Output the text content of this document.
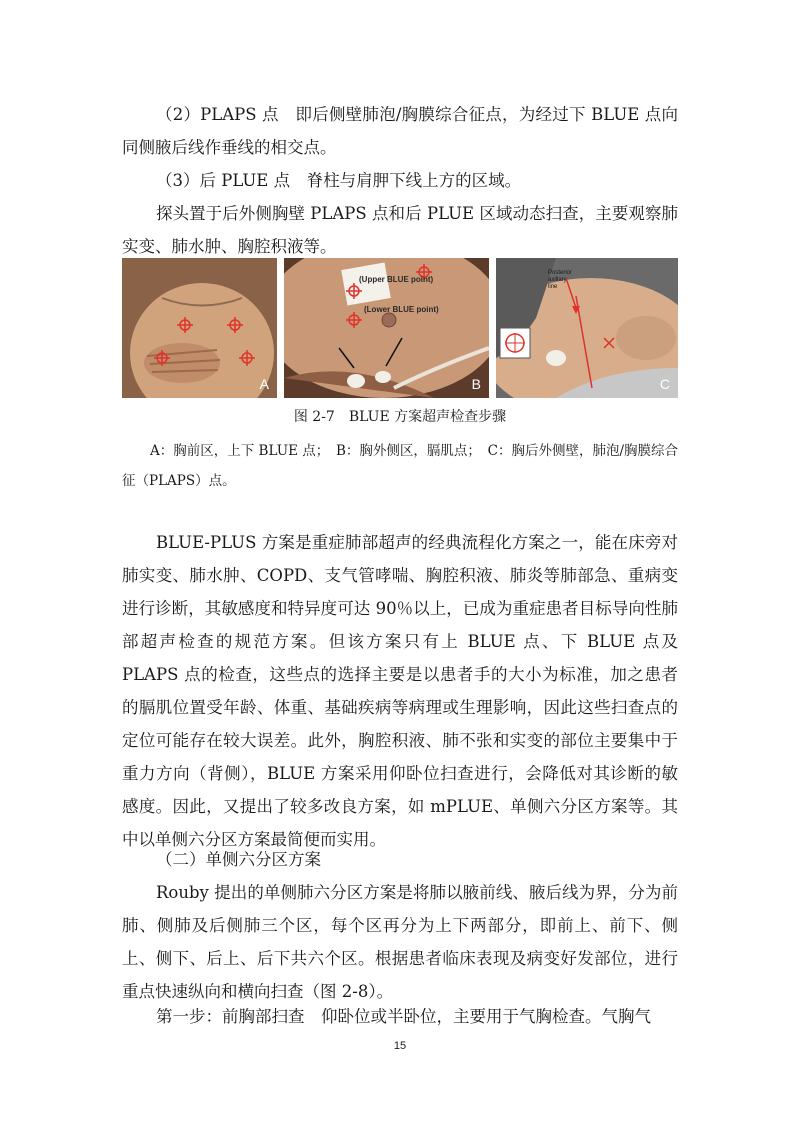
（2）PLAPS 点　即后侧壁肺泡/胸膜综合征点，为经过下 BLUE 点向同侧腋后线作垂线的相交点。

（3）后 PLUE 点　脊柱与肩胛下线上方的区域。

探头置于后外侧胸壁 PLAPS 点和后 PLUE 区域动态扫查，主要观察肺实变、肺水肿、胸腔积液等。

A
(Upper BLUE point)
(Lower BLUE point)
B
Posterior
axillary
line
C

图 2-7　BLUE 方案超声检查步骤

A：胸前区，上下 BLUE 点；　B：胸外侧区，膈肌点；　C：胸后外侧壁，肺泡/胸膜综合征（PLAPS）点。

BLUE-PLUS 方案是重症肺部超声的经典流程化方案之一，能在床旁对肺实变、肺水肿、COPD、支气管哮喘、胸腔积液、肺炎等肺部急、重病变进行诊断，其敏感度和特异度可达 90％以上，已成为重症患者目标导向性肺部超声检查的规范方案。但该方案只有上 BLUE 点、下 BLUE 点及 PLAPS 点的检查，这些点的选择主要是以患者手的大小为标准，加之患者的膈肌位置受年龄、体重、基础疾病等病理或生理影响，因此这些扫查点的定位可能存在较大误差。此外，胸腔积液、肺不张和实变的部位主要集中于重力方向（背侧），BLUE 方案采用仰卧位扫查进行，会降低对其诊断的敏感度。因此，又提出了较多改良方案，如 mPLUE、单侧六分区方案等。其中以单侧六分区方案最简便而实用。

（二）单侧六分区方案

Rouby 提出的单侧肺六分区方案是将肺以腋前线、腋后线为界，分为前肺、侧肺及后侧肺三个区，每个区再分为上下两部分，即前上、前下、侧上、侧下、后上、后下共六个区。根据患者临床表现及病变好发部位，进行重点快速纵向和横向扫查（图 2-8）。

第一步：前胸部扫查　仰卧位或半卧位，主要用于气胸检查。气胸气

15
